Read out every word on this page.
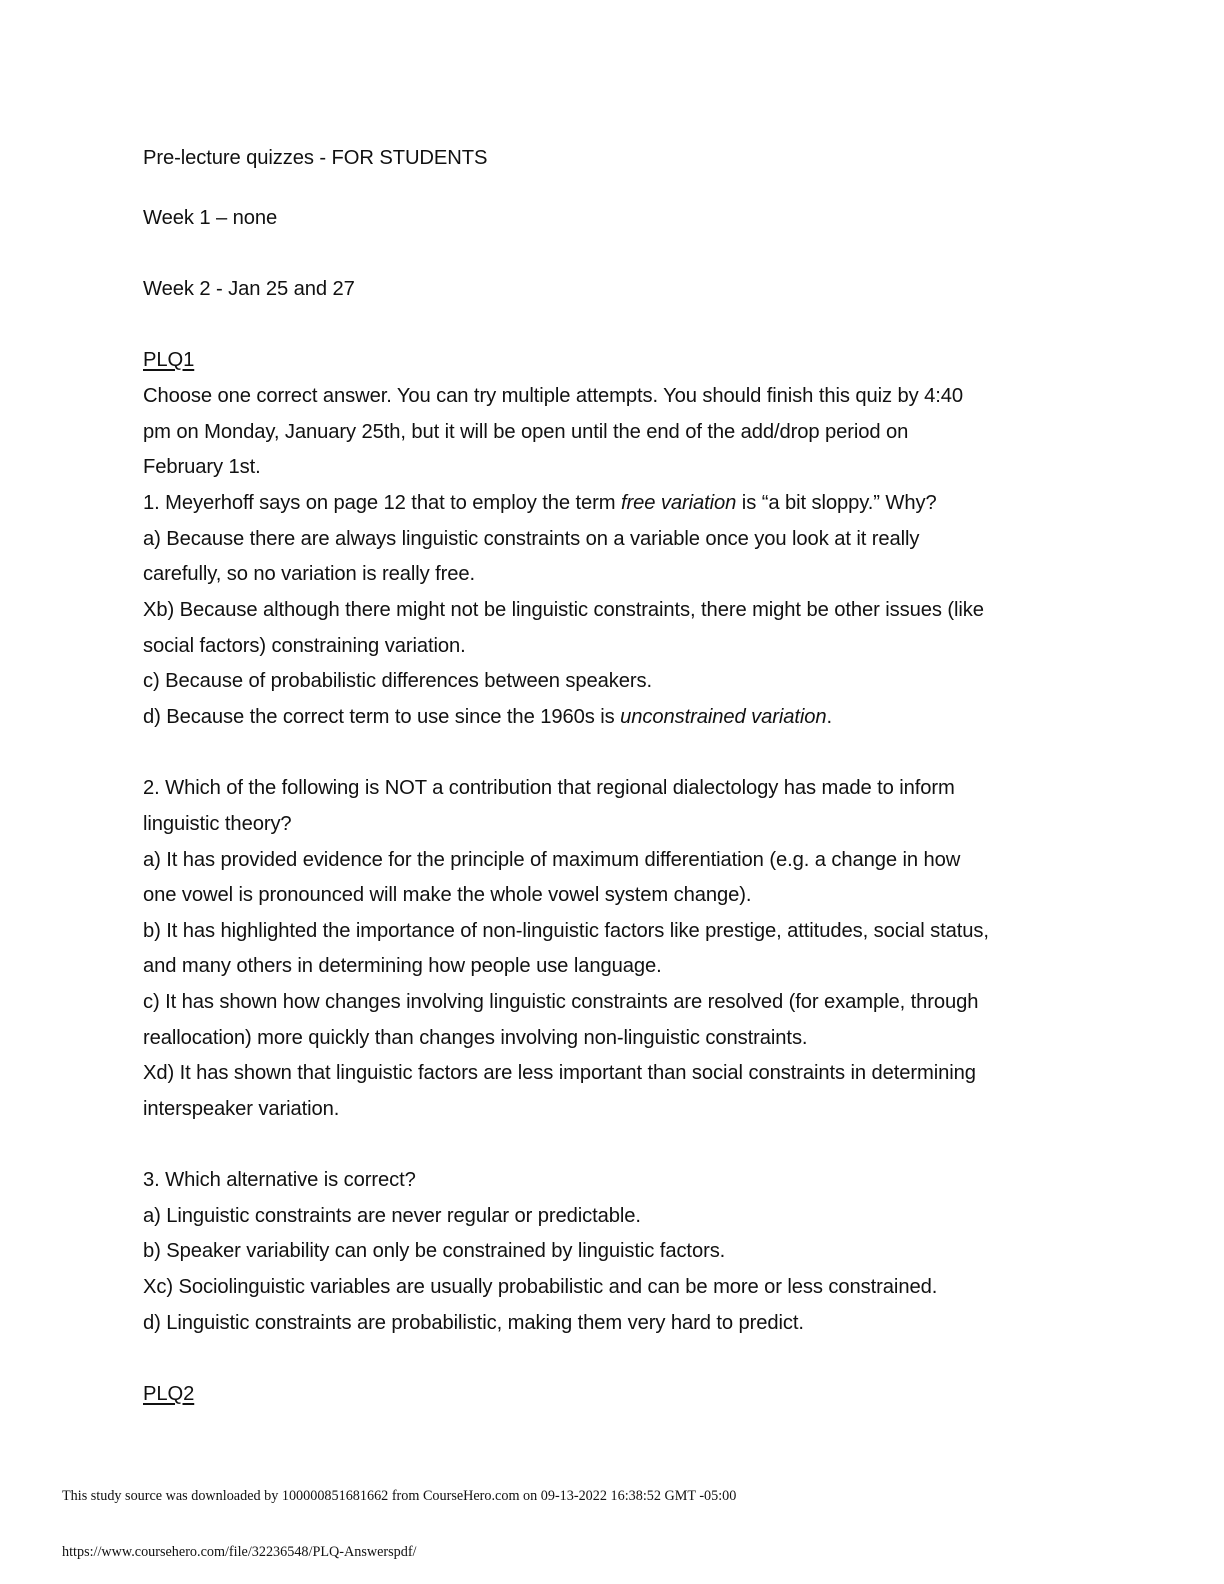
Pre-lecture quizzes - FOR STUDENTS
Week 1 – none
Week 2 - Jan 25 and 27
PLQ1
Choose one correct answer. You can try multiple attempts. You should finish this quiz by 4:40
pm on Monday, January 25th, but it will be open until the end of the add/drop period on
February 1st.
1. Meyerhoff says on page 12 that to employ the term free variation is “a bit sloppy.” Why?
a) Because there are always linguistic constraints on a variable once you look at it really
carefully, so no variation is really free.
Xb) Because although there might not be linguistic constraints, there might be other issues (like
social factors) constraining variation.
c) Because of probabilistic differences between speakers.
d) Because the correct term to use since the 1960s is unconstrained variation.
2. Which of the following is NOT a contribution that regional dialectology has made to inform
linguistic theory?
a) It has provided evidence for the principle of maximum differentiation (e.g. a change in how
one vowel is pronounced will make the whole vowel system change).
b) It has highlighted the importance of non-linguistic factors like prestige, attitudes, social status,
and many others in determining how people use language.
c) It has shown how changes involving linguistic constraints are resolved (for example, through
reallocation) more quickly than changes involving non-linguistic constraints.
Xd) It has shown that linguistic factors are less important than social constraints in determining
interspeaker variation.
3. Which alternative is correct?
a) Linguistic constraints are never regular or predictable.
b) Speaker variability can only be constrained by linguistic factors.
Xc) Sociolinguistic variables are usually probabilistic and can be more or less constrained.
d) Linguistic constraints are probabilistic, making them very hard to predict.
PLQ2
This study source was downloaded by 100000851681662 from CourseHero.com on 09-13-2022 16:38:52 GMT -05:00
https://www.coursehero.com/file/32236548/PLQ-Answerspdf/
